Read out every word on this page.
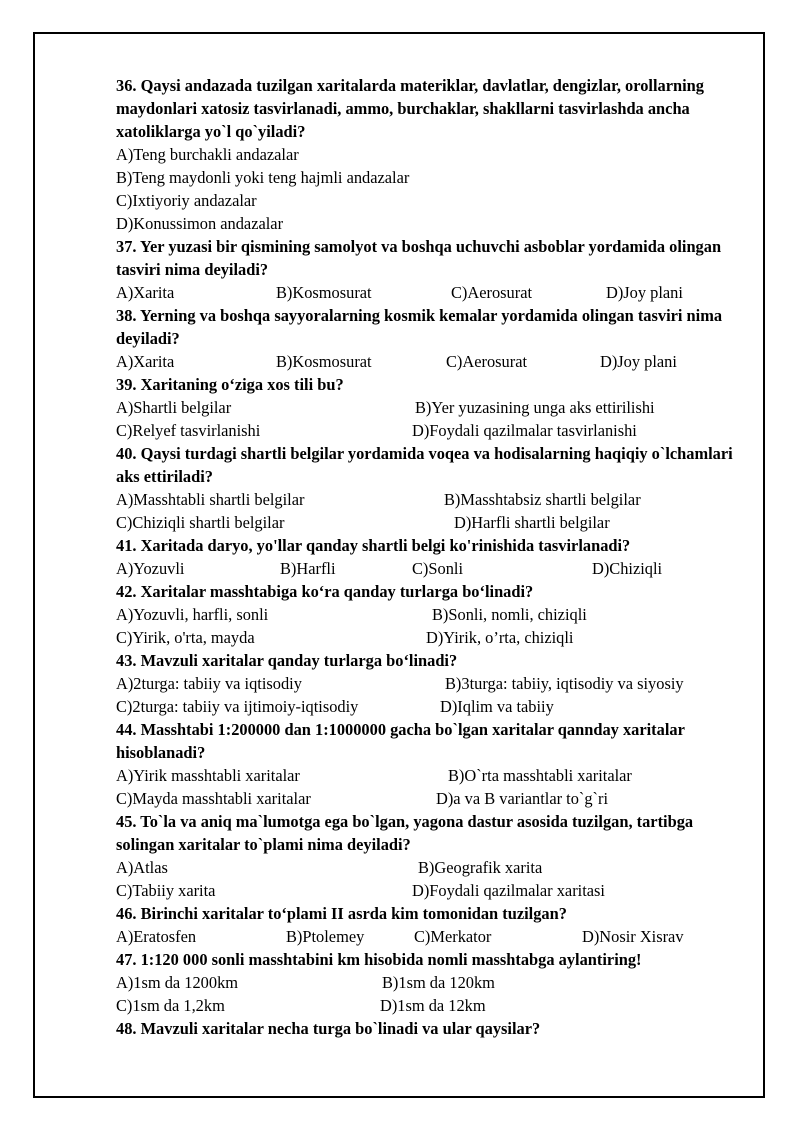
36. Qaysi andazada tuzilgan xaritalarda materiklar, davlatlar, dengizlar, orollarning maydonlari xatosiz tasvirlanadi, ammo, burchaklar, shakllarni tasvirlashda ancha xatoliklarga yo`l qo`yiladi?

A)Teng burchakli andazalar
B)Teng maydonli yoki teng hajmli andazalar
C)Ixtiyoriy andazalar
D)Konussimon andazalar

37. Yer yuzasi bir qismining samolyot va boshqa uchuvchi asboblar yordamida olingan tasviri nima deyiladi?

A)Xarita	B)Kosmosurat	C)Aerosurat	D)Joy plani

38. Yerning va boshqa sayyoralarning kosmik kemalar yordamida olingan tasviri nima deyiladi?

A)Xarita	B)Kosmosurat	C)Aerosurat	D)Joy plani

39. Xaritaning o‘ziga xos tili bu?

A)Shartli belgilar	B)Yer yuzasining unga aks ettirilishi
C)Relyef tasvirlanishi	D)Foydali qazilmalar tasvirlanishi

40. Qaysi turdagi shartli belgilar yordamida voqea va hodisalarning haqiqiy o`lchamlari aks ettiriladi?

A)Masshtabli shartli belgilar	B)Masshtabsiz shartli belgilar
C)Chiziqli shartli belgilar	D)Harfli shartli belgilar

41. Xaritada daryo, yo'llar qanday shartli belgi ko'rinishida tasvirlanadi?

A)Yozuvli	B)Harfli	C)Sonli	D)Chiziqli

42. Xaritalar masshtabiga ko‘ra qanday turlarga bo‘linadi?

A)Yozuvli, harfli, sonli	B)Sonli, nomli, chiziqli
C)Yirik, o'rta, mayda	D)Yirik, o’rta, chiziqli

43. Mavzuli xaritalar qanday turlarga bo‘linadi?

A)2turga: tabiiy va iqtisodiy	B)3turga: tabiiy, iqtisodiy va siyosiy
C)2turga: tabiiy va ijtimoiy-iqtisodiy	D)Iqlim va tabiiy

44. Masshtabi 1:200000 dan 1:1000000 gacha bo`lgan xaritalar qannday xaritalar hisoblanadi?

A)Yirik masshtabli xaritalar	B)O`rta masshtabli xaritalar
C)Mayda masshtabli xaritalar	D)a va B variantlar to`g`ri

45. To`la va aniq ma`lumotga ega bo`lgan, yagona dastur asosida tuzilgan, tartibga solingan xaritalar to`plami nima deyiladi?

A)Atlas	B)Geografik xarita
C)Tabiiy xarita	D)Foydali qazilmalar xaritasi

46. Birinchi xaritalar to‘plami II asrda kim tomonidan tuzilgan?

A)Eratosfen	B)Ptolemey	C)Merkator	D)Nosir Xisrav

47. 1:120 000 sonli masshtabini km hisobida nomli masshtabga aylantiring!

A)1sm da 1200km	B)1sm da 120km
C)1sm da 1,2km	D)1sm da 12km

48. Mavzuli xaritalar necha turga bo`linadi va ular qaysilar?
